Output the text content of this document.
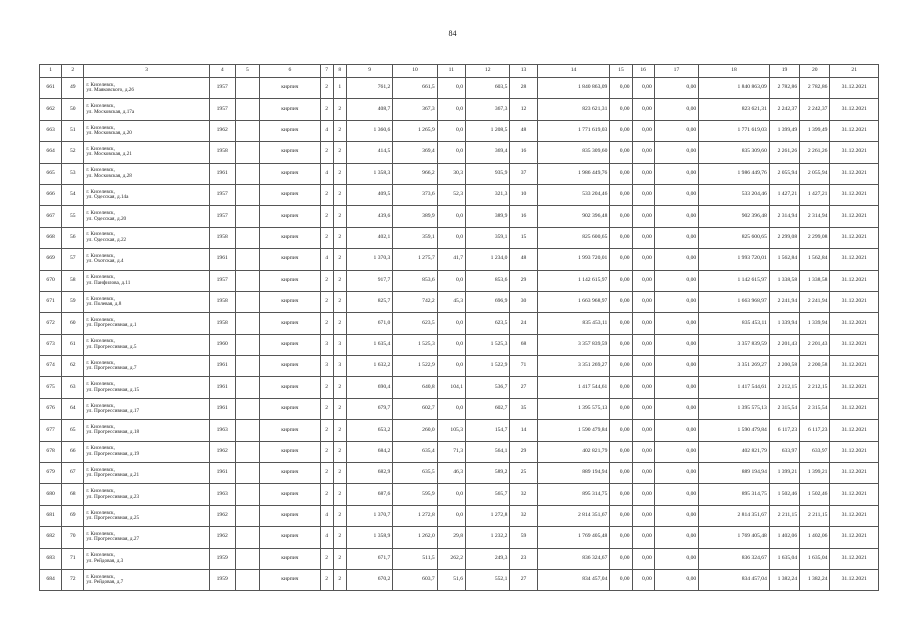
84
1	2	3	4	5	6	7	8	9	10	11	12	13	14	15	16	17	18	19	20	21
661	49	г. Киселевск,
ул. Маяковского, д.26	1957		кирпич	2	1	761,2	661,5	0,0	603,5	28	1 840 863,09	0,00	0,00	0,00	1 840 863,09	2 782,86	2 782,86	31.12.2021
662	50	г. Киселевск,
ул. Московская, д.17а	1957		кирпич	2	2	408,7	367,3	0,0	367,3	12	823 621,31	0,00	0,00	0,00	823 621,31	2 242,37	2 242,37	31.12.2021
663	51	г. Киселевск,
ул. Московская, д.20	1962		кирпич	4	2	1 360,6	1 265,9	0,0	1 208,5	48	1 771 619,03	0,00	0,00	0,00	1 771 619,03	1 399,49	1 399,49	31.12.2021
664	52	г. Киселевск,
ул. Московская, д.21	1958		кирпич	2	2	414,5	369,4	0,0	369,4	16	835 309,60	0,00	0,00	0,00	835 309,60	2 261,26	2 261,26	31.12.2021
665	53	г. Киселевск,
ул. Московская, д.28	1961		кирпич	4	2	1 358,3	966,2	30,3	935,9	37	1 986 449,76	0,00	0,00	0,00	1 986 449,76	2 055,94	2 055,94	31.12.2021
666	54	г. Киселевск,
ул. Одесская, д.14а	1957		кирпич	2	2	409,5	373,6	52,3	321,3	10	533 204,46	0,00	0,00	0,00	533 204,46	1 427,21	1 427,21	31.12.2021
667	55	г. Киселевск,
ул. Одесская, д.20	1957		кирпич	2	2	439,6	389,9	0,0	389,9	16	902 396,48	0,00	0,00	0,00	902 396,48	2 314,94	2 314,94	31.12.2021
668	56	г. Киселевск,
ул. Одесская, д.22	1958		кирпич	2	2	402,1	359,1	0,0	359,1	15	825 600,65	0,00	0,00	0,00	825 600,65	2 299,08	2 299,08	31.12.2021
669	57	г. Киселевск,
ул. Охотская, д.4	1961		кирпич	4	2	1 370,3	1 275,7	41,7	1 234,0	48	1 993 720,01	0,00	0,00	0,00	1 993 720,01	1 562,84	1 562,84	31.12.2021
670	58	г. Киселевск,
ул. Панфилова, д.11	1957		кирпич	2	2	917,7	853,6	0,0	853,6	29	1 142 615,97	0,00	0,00	0,00	1 142 615,97	1 338,58	1 338,58	31.12.2021
671	59	г. Киселевск,
ул. Полевая, д.8	1958		кирпич	2	2	825,7	742,2	45,3	696,9	30	1 663 968,97	0,00	0,00	0,00	1 663 968,97	2 241,94	2 241,94	31.12.2021
672	60	г. Киселевск,
ул. Прогрессивная, д.1	1958		кирпич	2	2	671,0	623,5	0,0	623,5	24	835 453,11	0,00	0,00	0,00	835 453,11	1 339,94	1 339,94	31.12.2021
673	61	г. Киселевск,
ул. Прогрессивная, д.5	1960		кирпич	3	3	1 635,4	1 525,3	0,0	1 525,3	68	3 357 839,59	0,00	0,00	0,00	3 357 839,59	2 201,43	2 201,43	31.12.2021
674	62	г. Киселевск,
ул. Прогрессивная, д.7	1961		кирпич	3	3	1 632,2	1 522,9	0,0	1 522,9	71	3 351 269,27	0,00	0,00	0,00	3 351 269,27	2 200,58	2 200,58	31.12.2021
675	63	г. Киселевск,
ул. Прогрессивная, д.15	1961		кирпич	2	2	690,4	640,8	104,1	536,7	27	1 417 544,61	0,00	0,00	0,00	1 417 544,61	2 212,15	2 212,15	31.12.2021
676	64	г. Киселевск,
ул. Прогрессивная, д.17	1961		кирпич	2	2	679,7	602,7	0,0	602,7	35	1 395 575,13	0,00	0,00	0,00	1 395 575,13	2 315,54	2 315,54	31.12.2021
677	65	г. Киселевск,
ул. Прогрессивная, д.18	1963		кирпич	2	2	653,2	260,0	105,3	154,7	14	1 590 479,84	0,00	0,00	0,00	1 590 479,84	6 117,23	6 117,23	31.12.2021
678	66	г. Киселевск,
ул. Прогрессивная, д.19	1962		кирпич	2	2	684,2	635,4	71,3	564,1	29	402 821,79	0,00	0,00	0,00	402 821,79	633,97	633,97	31.12.2021
679	67	г. Киселевск,
ул. Прогрессивная, д.21	1961		кирпич	2	2	682,9	635,5	46,3	589,2	25	889 194,94	0,00	0,00	0,00	889 194,94	1 399,21	1 399,21	31.12.2021
680	68	г. Киселевск,
ул. Прогрессивная, д.23	1963		кирпич	2	2	687,6	595,9	0,0	565,7	32	895 314,75	0,00	0,00	0,00	895 314,75	1 502,46	1 502,46	31.12.2021
681	69	г. Киселевск,
ул. Прогрессивная, д.25	1962		кирпич	4	2	1 370,7	1 272,8	0,0	1 272,8	32	2 814 351,67	0,00	0,00	0,00	2 814 351,67	2 211,15	2 211,15	31.12.2021
682	70	г. Киселевск,
ул. Прогрессивная, д.27	1962		кирпич	4	2	1 358,9	1 262,0	29,8	1 232,2	59	1 769 405,48	0,00	0,00	0,00	1 769 405,48	1 402,06	1 402,06	31.12.2021
683	71	г. Киселевск,
ул. Рейдовая, д.3	1959		кирпич	2	2	671,7	511,5	262,2	249,3	23	836 324,67	0,00	0,00	0,00	836 324,67	1 635,04	1 635,04	31.12.2021
684	72	г. Киселевск,
ул. Рейдовая, д.7	1959		кирпич	2	2	670,2	603,7	51,6	552,1	27	834 457,04	0,00	0,00	0,00	834 457,04	1 382,24	1 382,24	31.12.2021
